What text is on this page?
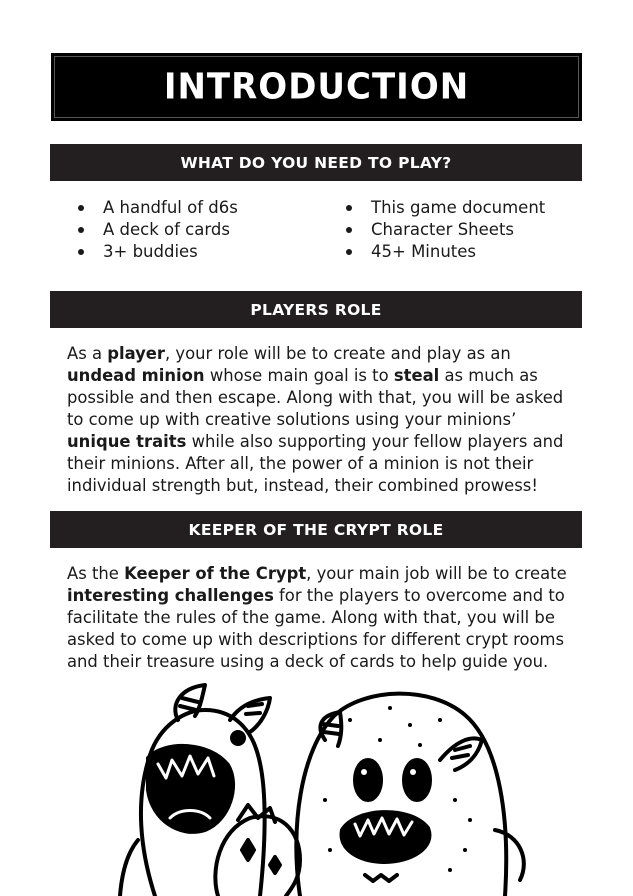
INTRODUCTION
WHAT DO YOU NEED TO PLAY?
A handful of d6s
A deck of cards
3+ buddies
This game document
Character Sheets
45+ Minutes
PLAYERS ROLE

As a player, your role will be to create and play as an undead minion whose main goal is to steal as much as possible and then escape. Along with that, you will be asked to come up with creative solutions using your minions’ unique traits while also supporting your fellow players and their minions. After all, the power of a minion is not their individual strength but, instead, their combined prowess!

KEEPER OF THE CRYPT ROLE

As the Keeper of the Crypt, your main job will be to create interesting challenges for the players to overcome and to facilitate the rules of the game. Along with that, you will be asked to come up with descriptions for different crypt rooms and their treasure using a deck of cards to help guide you.
